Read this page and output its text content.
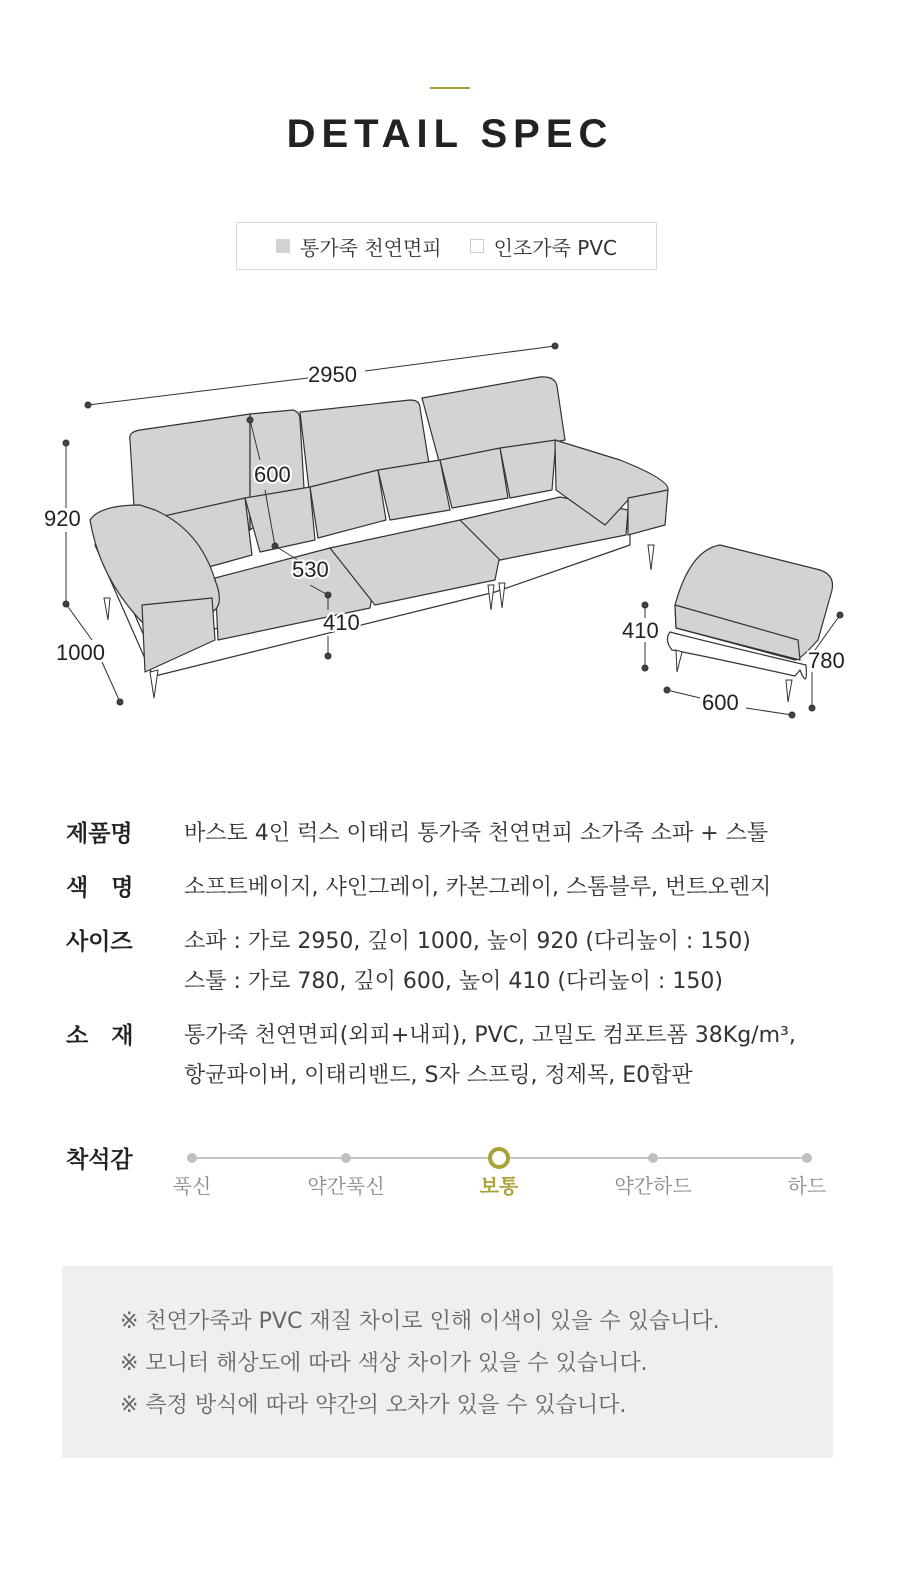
DETAIL SPEC
통가죽 천연면피	인조가죽 PVC
2950
920
1000
600
530
410	410
600
780
제품명	바스토 4인 럭스 이태리 통가죽 천연면피 소가죽 소파 + 스툴
색　명	소프트베이지, 샤인그레이, 카본그레이, 스톰블루, 번트오렌지
사이즈	소파 : 가로 2950, 깊이 1000, 높이 920 (다리높이 : 150)
스툴 : 가로 780, 깊이 600, 높이 410 (다리높이 : 150)
소　재	통가죽 천연면피(외피+내피), PVC, 고밀도 컴포트폼 38Kg/m³,
항균파이버, 이태리밴드, S자 스프링, 정제목, E0합판
착석감
푹신	약간푹신	보통	약간하드	하드
※ 천연가죽과 PVC 재질 차이로 인해 이색이 있을 수 있습니다.
※ 모니터 해상도에 따라 색상 차이가 있을 수 있습니다.
※ 측정 방식에 따라 약간의 오차가 있을 수 있습니다.
